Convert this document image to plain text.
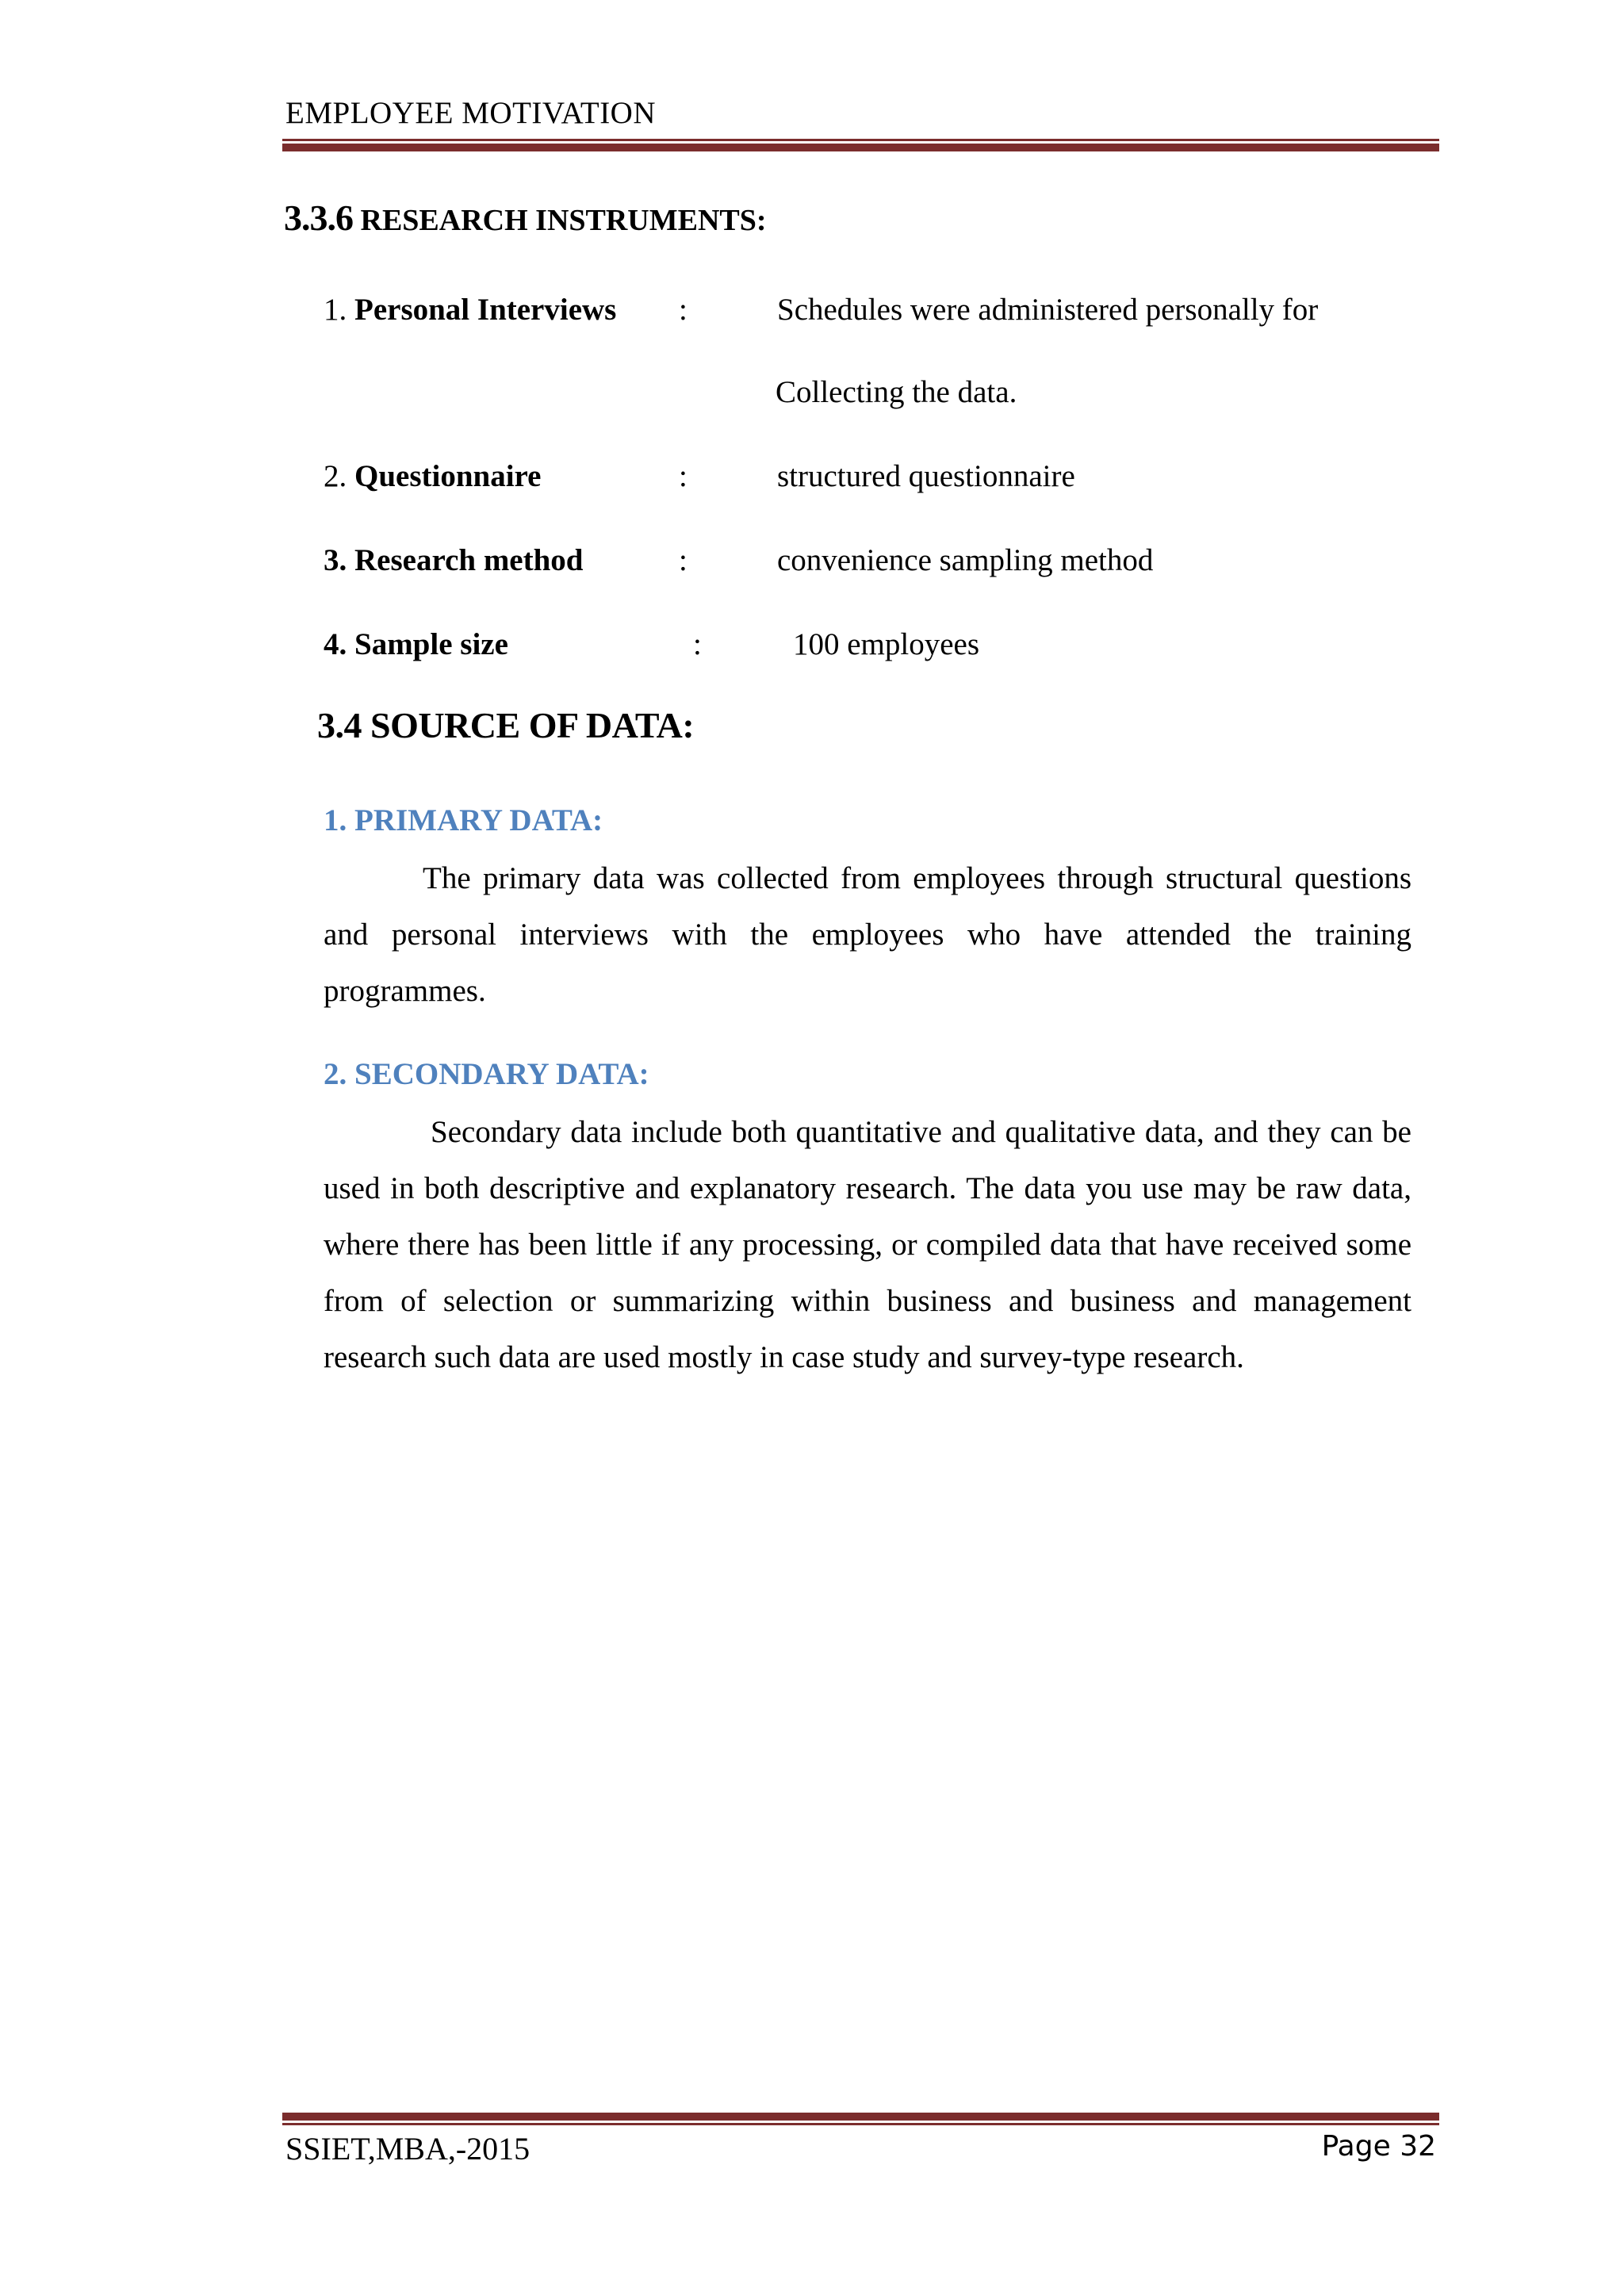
EMPLOYEE MOTIVATION
3.3.6 RESEARCH INSTRUMENTS:
1. Personal Interviews :	Schedules were administered personally for
Collecting the data.
2. Questionnaire	:	structured questionnaire
3. Research method	:	convenience sampling method
4. Sample size	:	100 employees
3.4 SOURCE OF DATA:
1. PRIMARY DATA:
The primary data was collected from employees through structural questions and personal interviews with the employees who have attended the training programmes.
2. SECONDARY DATA:
Secondary data include both quantitative and qualitative data, and they can be used in both descriptive and explanatory research. The data you use may be raw data, where there has been little if any processing, or compiled data that have received some from of selection or summarizing within business and business and management research such data are used mostly in case study and survey-type research.
SSIET,MBA,-2015	Page 32
